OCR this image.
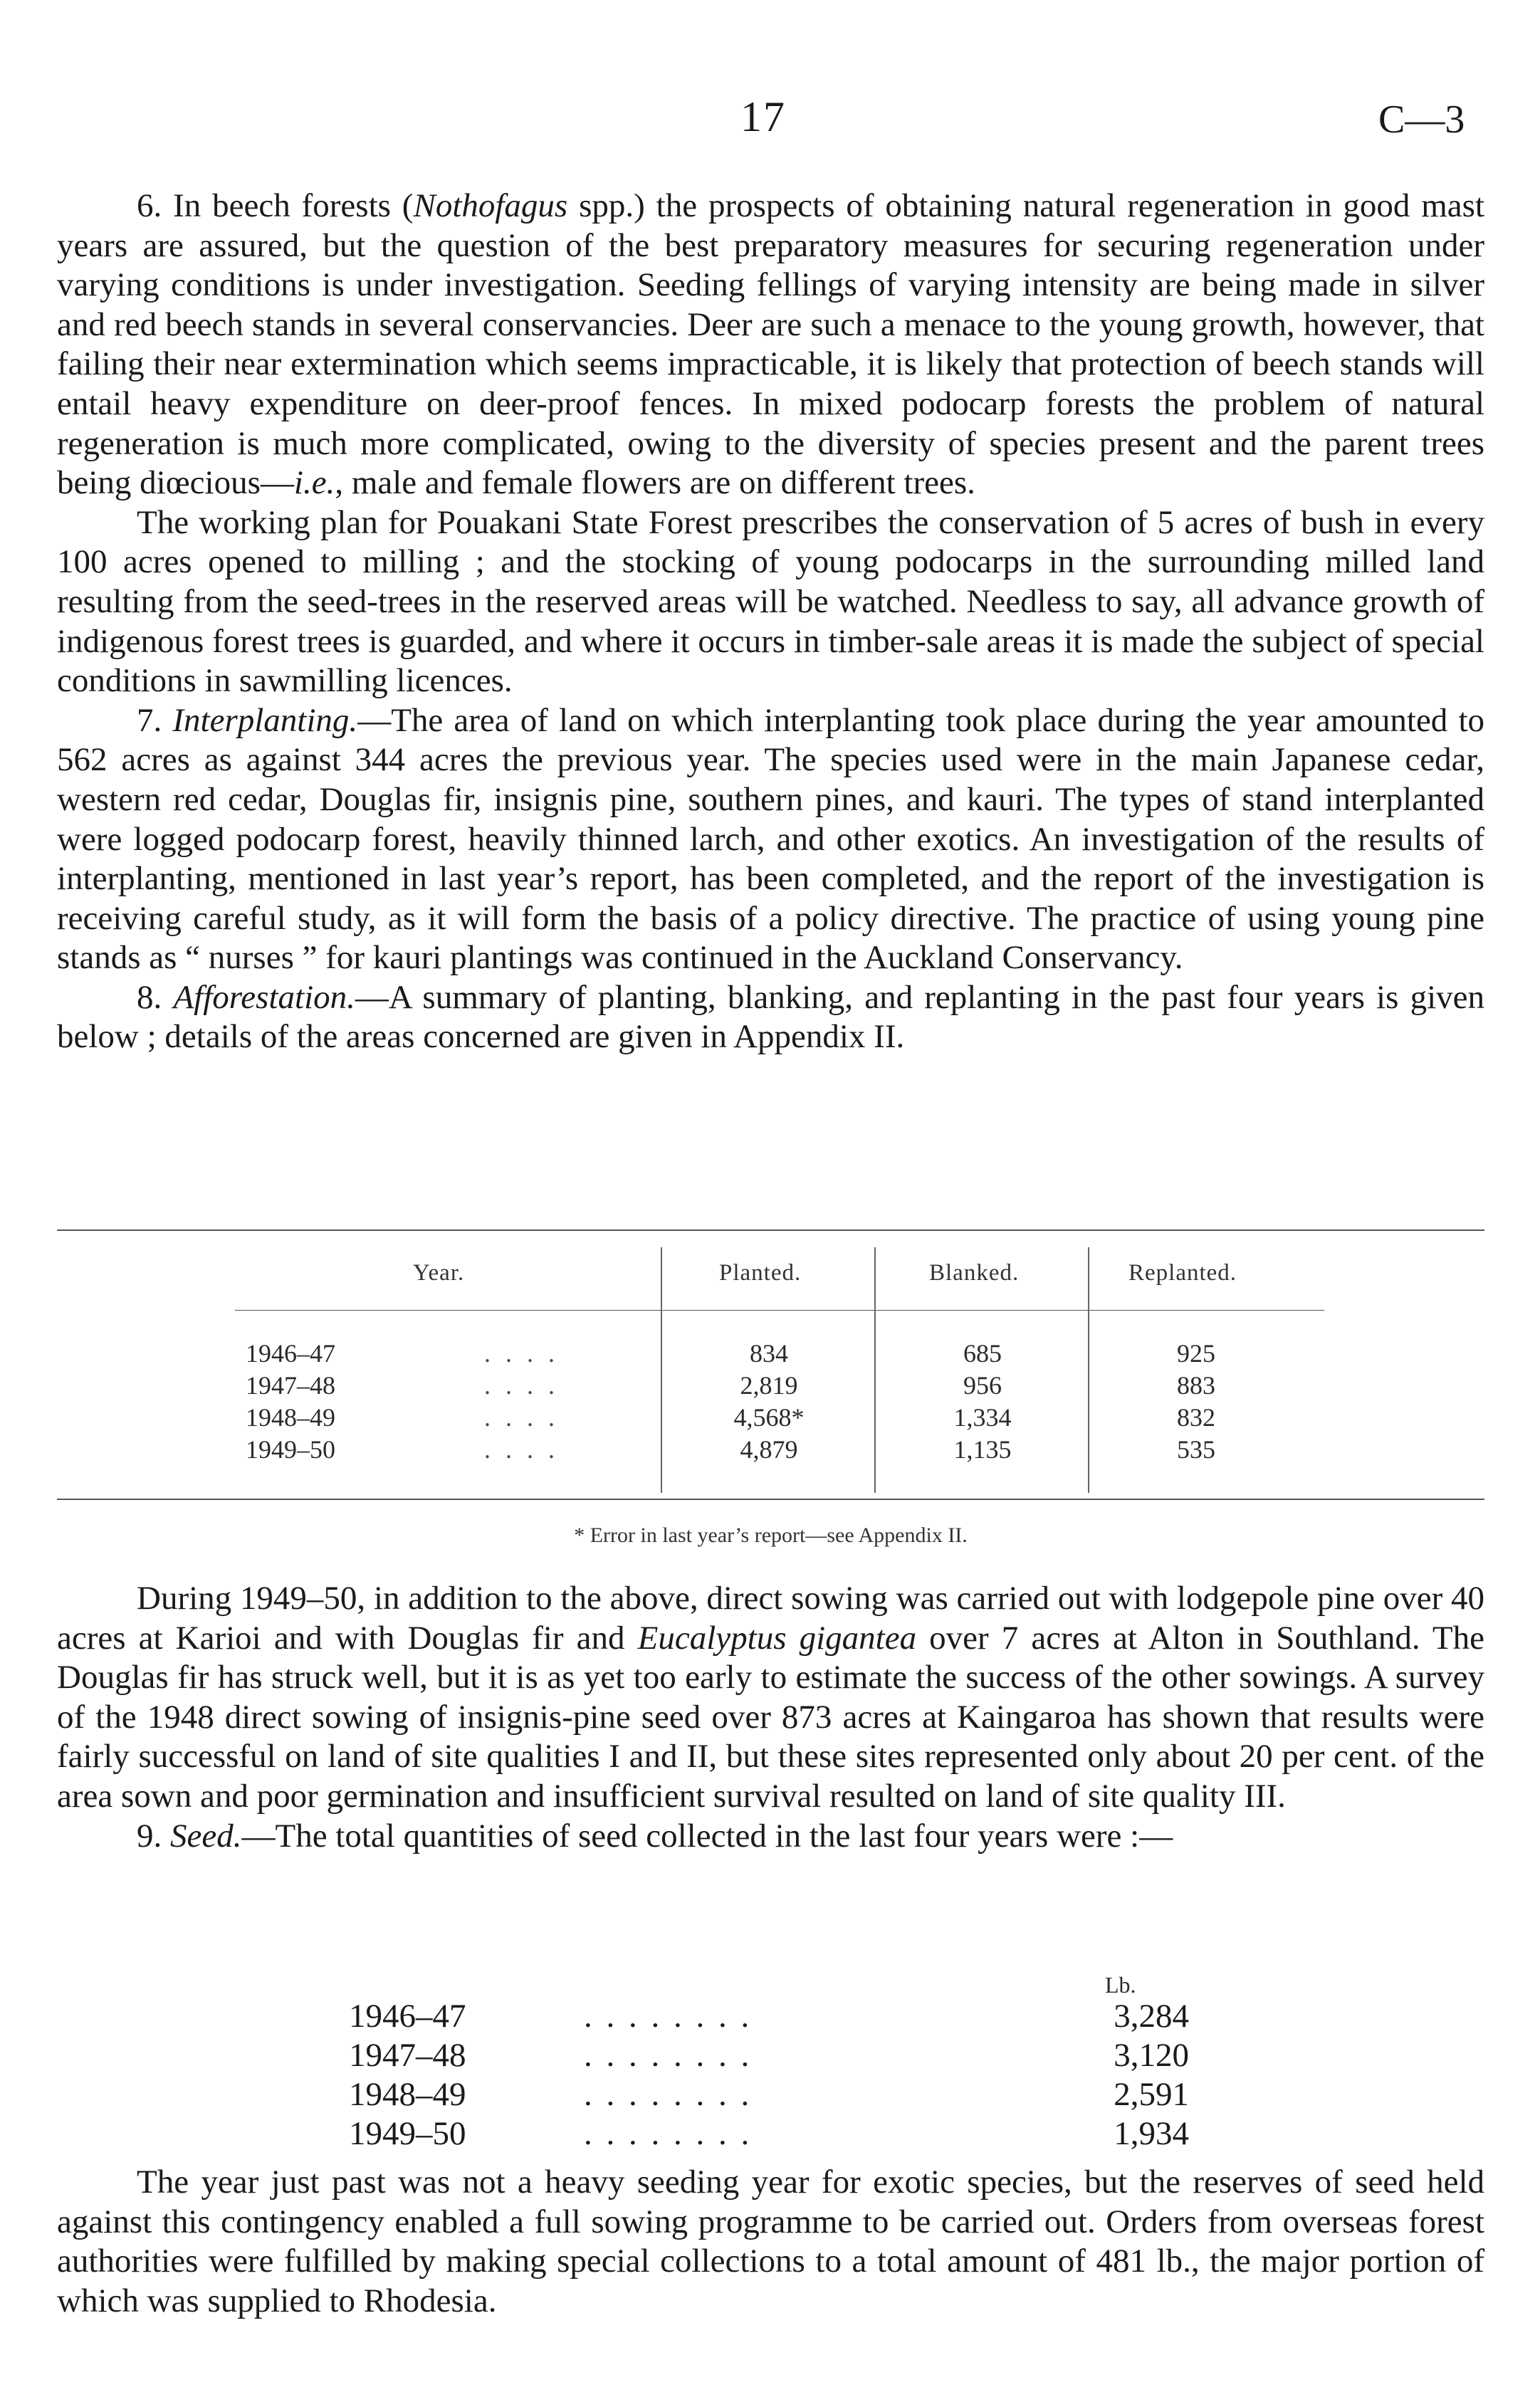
17	C—3

6. In beech forests (Nothofagus spp.) the prospects of obtaining natural regeneration in good mast years are assured, but the question of the best preparatory measures for securing regeneration under varying conditions is under investigation. Seeding fellings of varying intensity are being made in silver and red beech stands in several conservancies. Deer are such a menace to the young growth, however, that failing their near extermination which seems impracticable, it is likely that protection of beech stands will entail heavy expenditure on deer-proof fences. In mixed podocarp forests the problem of natural regeneration is much more complicated, owing to the diversity of species present and the parent trees being diœcious—i.e., male and female flowers are on different trees.

The working plan for Pouakani State Forest prescribes the conservation of 5 acres of bush in every 100 acres opened to milling ; and the stocking of young podocarps in the surrounding milled land resulting from the seed-trees in the reserved areas will be watched. Needless to say, all advance growth of indigenous forest trees is guarded, and where it occurs in timber-sale areas it is made the subject of special conditions in sawmilling licences.

7. Interplanting.—The area of land on which interplanting took place during the year amounted to 562 acres as against 344 acres the previous year. The species used were in the main Japanese cedar, western red cedar, Douglas fir, insignis pine, southern pines, and kauri. The types of stand interplanted were logged podocarp forest, heavily thinned larch, and other exotics. An investigation of the results of interplanting, mentioned in last year’s report, has been completed, and the report of the investigation is receiving careful study, as it will form the basis of a policy directive. The practice of using young pine stands as “ nurses ” for kauri plantings was continued in the Auckland Conservancy.

8. Afforestation.—A summary of planting, blanking, and replanting in the past four years is given below ; details of the areas concerned are given in Appendix II.

Year.	Planted.	Blanked.	Replanted.
1946–47	. . . .	834	685	925
1947–48	. . . .	2,819	956	883
1948–49	. . . .	4,568*	1,334	832
1949–50	. . . .	4,879	1,135	535
* Error in last year’s report—see Appendix II.

During 1949–50, in addition to the above, direct sowing was carried out with lodgepole pine over 40 acres at Karioi and with Douglas fir and Eucalyptus gigantea over 7 acres at Alton in Southland. The Douglas fir has struck well, but it is as yet too early to estimate the success of the other sowings. A survey of the 1948 direct sowing of insignis-pine seed over 873 acres at Kaingaroa has shown that results were fairly successful on land of site qualities I and II, but these sites represented only about 20 per cent. of the area sown and poor germination and insufficient survival resulted on land of site quality III.

9. Seed.—The total quantities of seed collected in the last four years were :—

Lb.
1946–47	. . . . . . . .	3,284
1947–48	. . . . . . . .	3,120
1948–49	. . . . . . . .	2,591
1949–50	. . . . . . . .	1,934

The year just past was not a heavy seeding year for exotic species, but the reserves of seed held against this contingency enabled a full sowing programme to be carried out. Orders from overseas forest authorities were fulfilled by making special collections to a total amount of 481 lb., the major portion of which was supplied to Rhodesia.
